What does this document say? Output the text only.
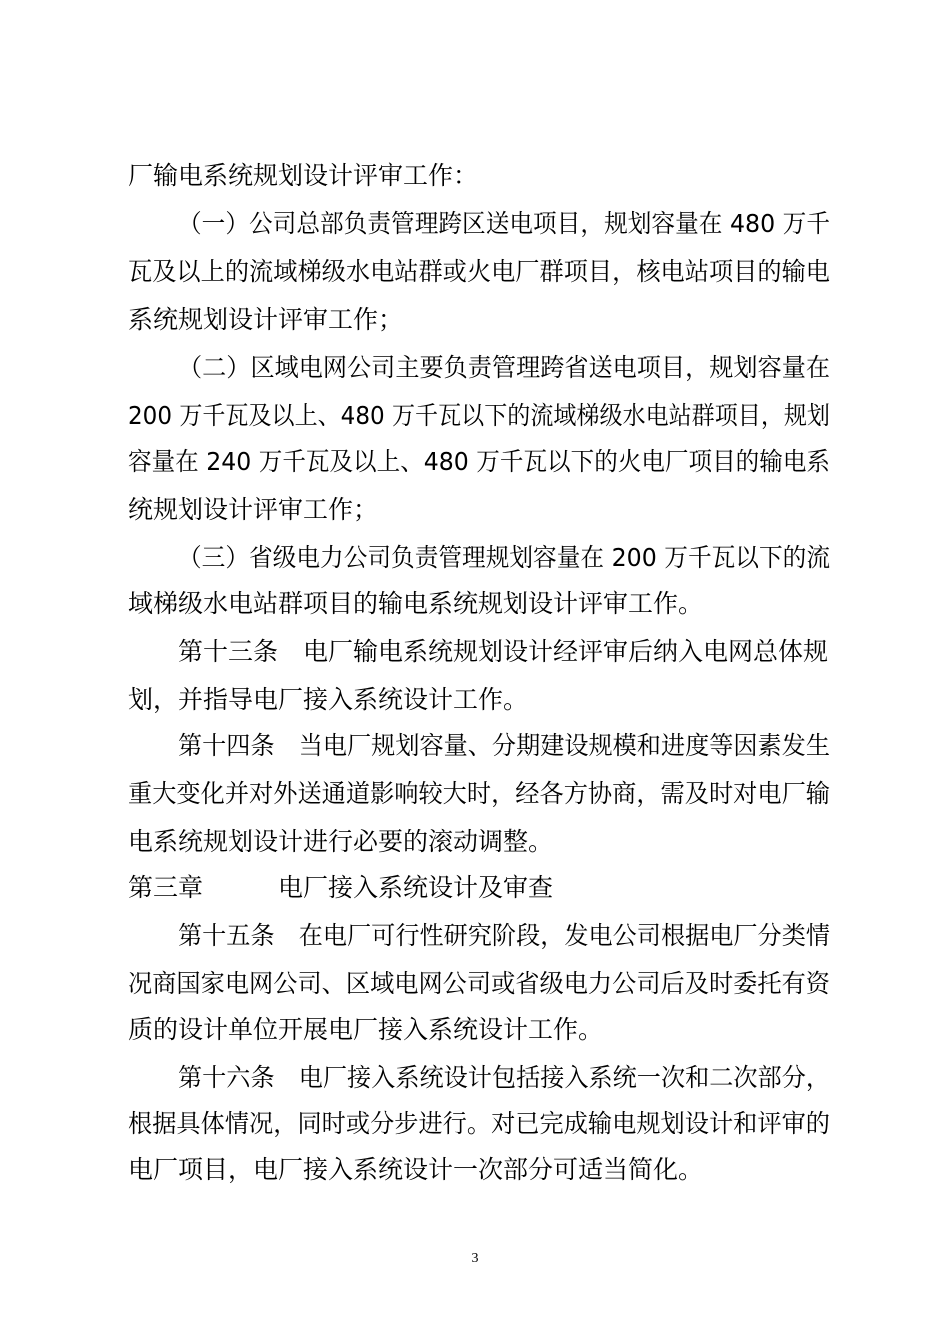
厂输电系统规划设计评审工作：
（一）公司总部负责管理跨区送电项目，规划容量在 480 万千
瓦及以上的流域梯级水电站群或火电厂群项目，核电站项目的输电
系统规划设计评审工作；
（二）区域电网公司主要负责管理跨省送电项目，规划容量在
200 万千瓦及以上、480 万千瓦以下的流域梯级水电站群项目，规划
容量在 240 万千瓦及以上、480 万千瓦以下的火电厂项目的输电系
统规划设计评审工作；
（三）省级电力公司负责管理规划容量在 200 万千瓦以下的流
域梯级水电站群项目的输电系统规划设计评审工作。
第十三条　电厂输电系统规划设计经评审后纳入电网总体规
划，并指导电厂接入系统设计工作。
第十四条　当电厂规划容量、分期建设规模和进度等因素发生
重大变化并对外送通道影响较大时，经各方协商，需及时对电厂输
电系统规划设计进行必要的滚动调整。
第三章　　　电厂接入系统设计及审查
第十五条　在电厂可行性研究阶段，发电公司根据电厂分类情
况商国家电网公司、区域电网公司或省级电力公司后及时委托有资
质的设计单位开展电厂接入系统设计工作。
第十六条　电厂接入系统设计包括接入系统一次和二次部分，
根据具体情况，同时或分步进行。对已完成输电规划设计和评审的
电厂项目，电厂接入系统设计一次部分可适当简化。
3
